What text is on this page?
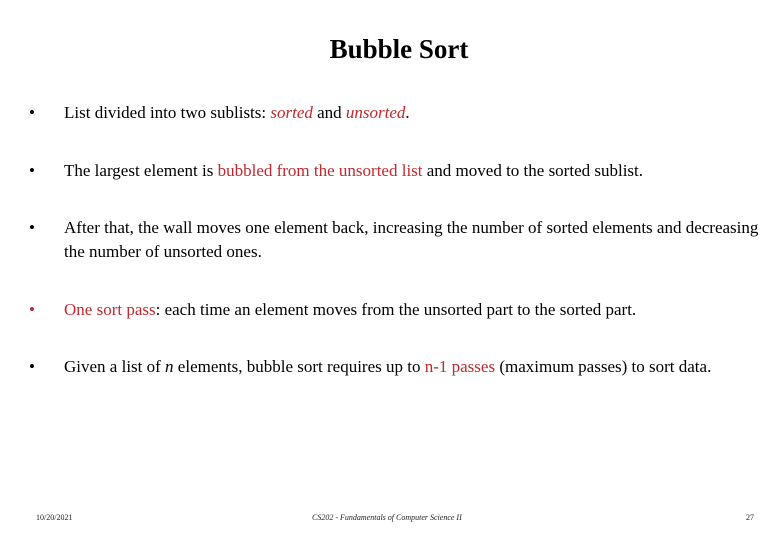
Bubble Sort
•	List divided into two sublists: sorted and unsorted.
•	The largest element is bubbled from the unsorted list and moved to the sorted sublist.
•	After that, the wall moves one element back, increasing the number of sorted elements and decreasing the number of unsorted ones.
•	One sort pass: each time an element moves from the unsorted part to the sorted part.
•	Given a list of n elements, bubble sort requires up to n-1 passes (maximum passes) to sort data.
10/20/2021	CS202 - Fundamentals of Computer Science II	27
